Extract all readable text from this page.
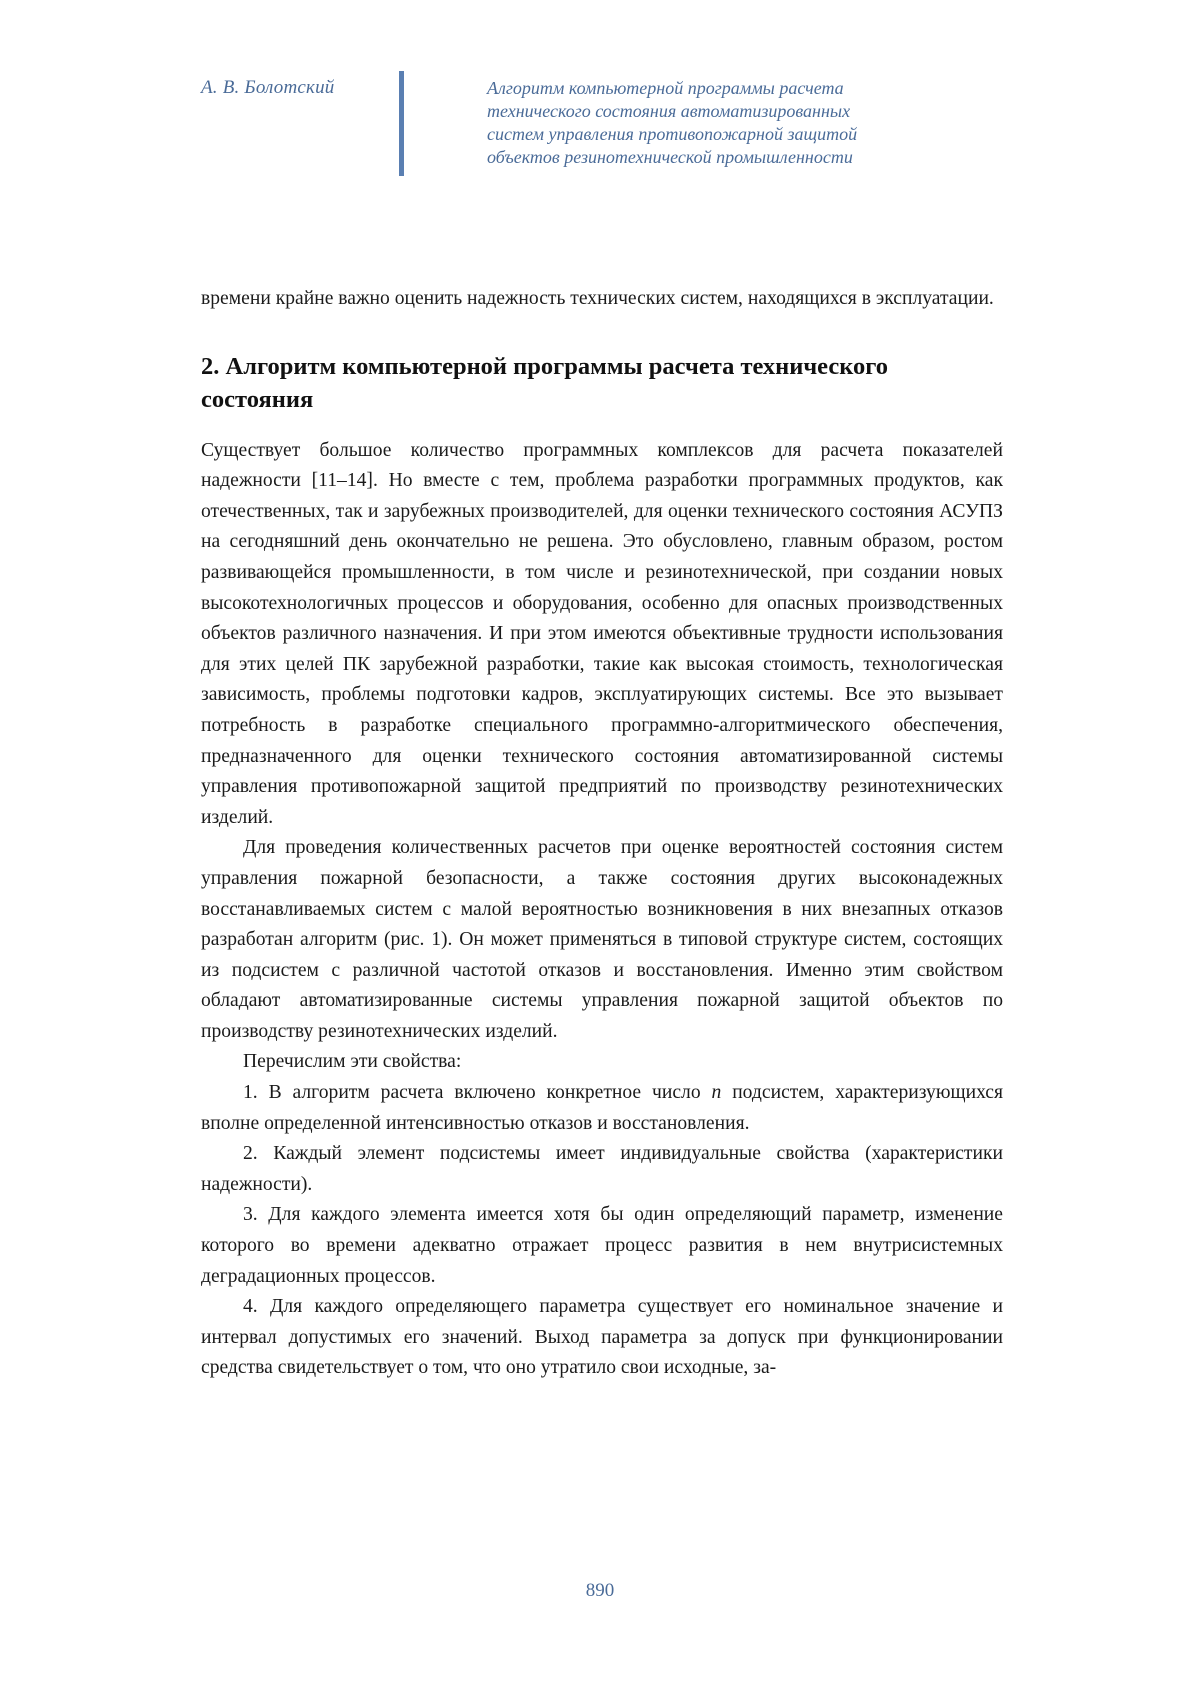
А. В. Болотский	Алгоритм компьютерной программы расчета
технического состояния автоматизированных
систем управления противопожарной защитой
объектов резинотехнической промышленности

времени крайне важно оценить надежность технических систем, находящихся в эксплуатации.

2. Алгоритм компьютерной программы расчета технического состояния

Существует большое количество программных комплексов для расчета показателей надежности [11–14]. Но вместе с тем, проблема разработки программных продуктов, как отечественных, так и зарубежных производителей, для оценки технического состояния АСУПЗ на сегодняшний день окончательно не решена. Это обусловлено, главным образом, ростом развивающейся промышленности, в том числе и резинотехнической, при создании новых высокотехнологичных процессов и оборудования, особенно для опасных производственных объектов различного назначения. И при этом имеются объективные трудности использования для этих целей ПК зарубежной разработки, такие как высокая стоимость, технологическая зависимость, проблемы подготовки кадров, эксплуатирующих системы. Все это вызывает потребность в разработке специального программно-алгоритмического обеспечения, предназначенного для оценки технического состояния автоматизированной системы управления противопожарной защитой предприятий по производству резинотехнических изделий.

Для проведения количественных расчетов при оценке вероятностей состояния систем управления пожарной безопасности, а также состояния других высоконадежных восстанавливаемых систем с малой вероятностью возникновения в них внезапных отказов разработан алгоритм (рис. 1). Он может применяться в типовой структуре систем, состоящих из подсистем с различной частотой отказов и восстановления. Именно этим свойством обладают автоматизированные системы управления пожарной защитой объектов по производству резинотехнических изделий.

Перечислим эти свойства:

1. В алгоритм расчета включено конкретное число n подсистем, характеризующихся вполне определенной интенсивностью отказов и восстановления.

2. Каждый элемент подсистемы имеет индивидуальные свойства (характеристики надежности).

3. Для каждого элемента имеется хотя бы один определяющий параметр, изменение которого во времени адекватно отражает процесс развития в нем внутрисистемных деградационных процессов.

4. Для каждого определяющего параметра существует его номинальное значение и интервал допустимых его значений. Выход параметра за допуск при функционировании средства свидетельствует о том, что оно утратило свои исходные, за-

890
